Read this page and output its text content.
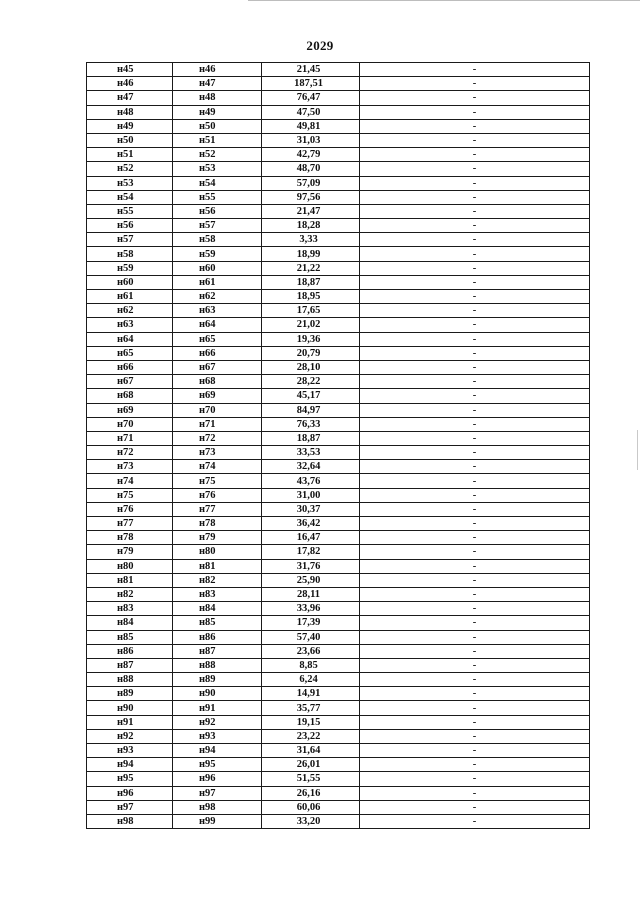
2029
н45	н46	21,45	-
н46	н47	187,51	-
н47	н48	76,47	-
н48	н49	47,50	-
н49	н50	49,81	-
н50	н51	31,03	-
н51	н52	42,79	-
н52	н53	48,70	-
н53	н54	57,09	-
н54	н55	97,56	-
н55	н56	21,47	-
н56	н57	18,28	-
н57	н58	3,33	-
н58	н59	18,99	-
н59	н60	21,22	-
н60	н61	18,87	-
н61	н62	18,95	-
н62	н63	17,65	-
н63	н64	21,02	-
н64	н65	19,36	-
н65	н66	20,79	-
н66	н67	28,10	-
н67	н68	28,22	-
н68	н69	45,17	-
н69	н70	84,97	-
н70	н71	76,33	-
н71	н72	18,87	-
н72	н73	33,53	-
н73	н74	32,64	-
н74	н75	43,76	-
н75	н76	31,00	-
н76	н77	30,37	-
н77	н78	36,42	-
н78	н79	16,47	-
н79	н80	17,82	-
н80	н81	31,76	-
н81	н82	25,90	-
н82	н83	28,11	-
н83	н84	33,96	-
н84	н85	17,39	-
н85	н86	57,40	-
н86	н87	23,66	-
н87	н88	8,85	-
н88	н89	6,24	-
н89	н90	14,91	-
н90	н91	35,77	-
н91	н92	19,15	-
н92	н93	23,22	-
н93	н94	31,64	-
н94	н95	26,01	-
н95	н96	51,55	-
н96	н97	26,16	-
н97	н98	60,06	-
н98	н99	33,20	-
